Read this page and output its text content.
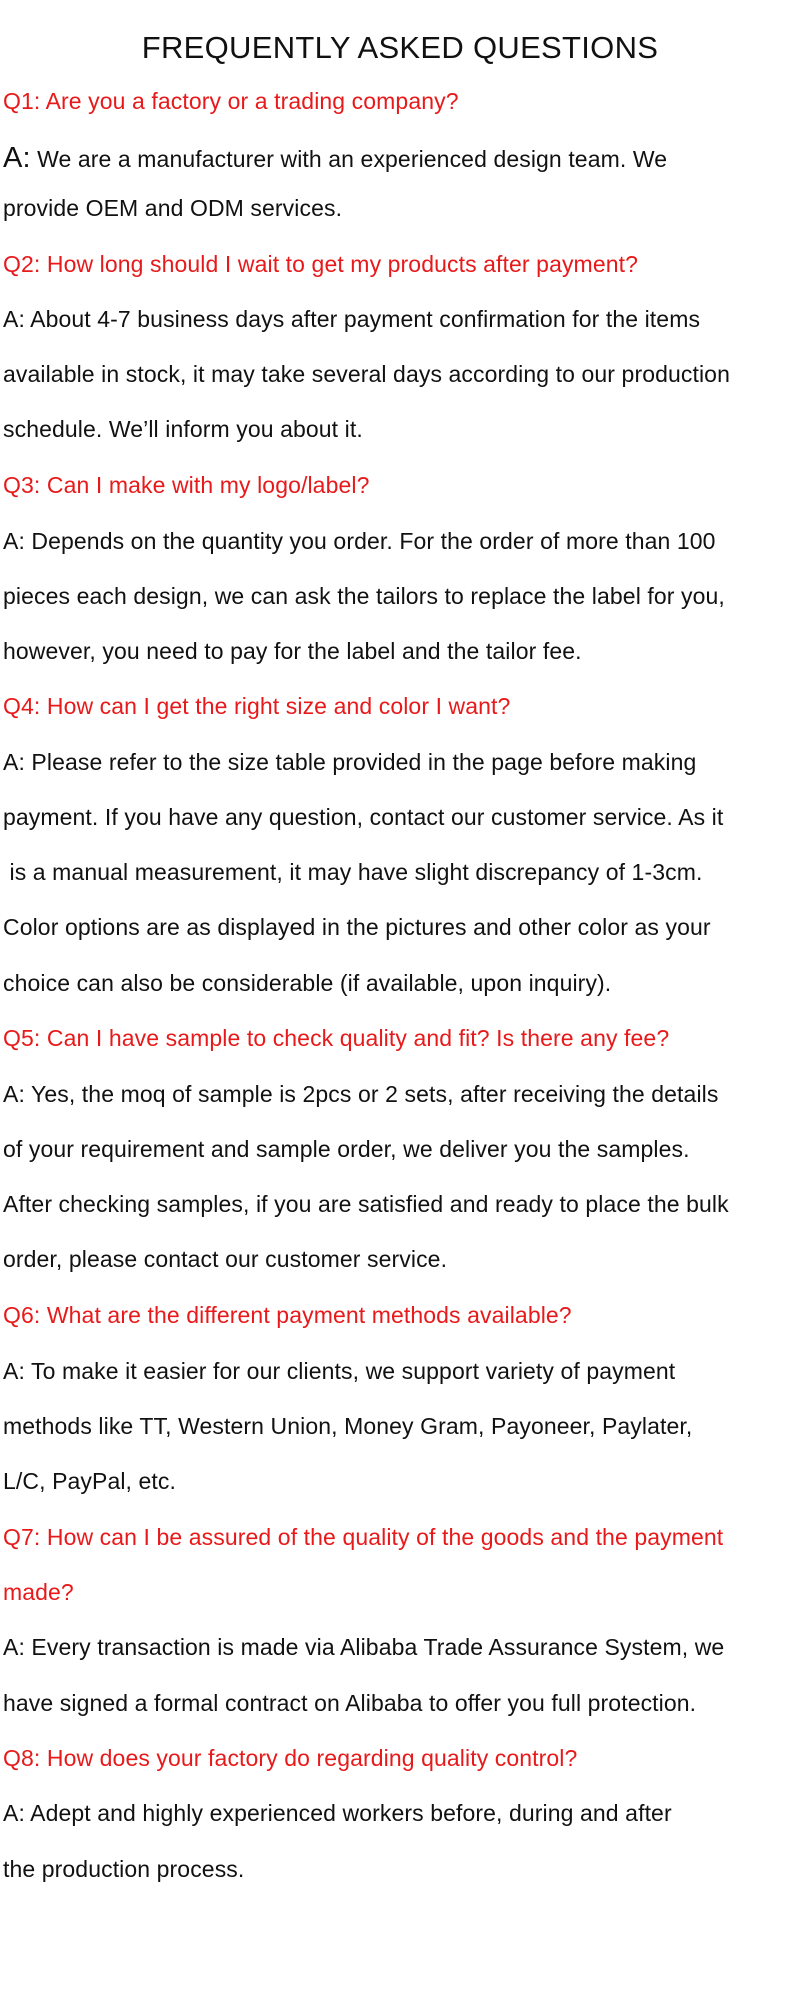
FREQUENTLY ASKED QUESTIONS
Q1: Are you a factory or a trading company?
A: We are a manufacturer with an experienced design team. We
provide OEM and ODM services.
Q2: How long should I wait to get my products after payment?
A: About 4-7 business days after payment confirmation for the items
available in stock, it may take several days according to our production
schedule. We’ll inform you about it.
Q3: Can I make with my logo/label?
A: Depends on the quantity you order. For the order of more than 100
pieces each design, we can ask the tailors to replace the label for you,
however, you need to pay for the label and the tailor fee.
Q4: How can I get the right size and color I want?
A: Please refer to the size table provided in the page before making
payment. If you have any question, contact our customer service. As it
is a manual measurement, it may have slight discrepancy of 1-3cm.
Color options are as displayed in the pictures and other color as your
choice can also be considerable (if available, upon inquiry).
Q5: Can I have sample to check quality and fit? Is there any fee?
A: Yes, the moq of sample is 2pcs or 2 sets, after receiving the details
of your requirement and sample order, we deliver you the samples.
After checking samples, if you are satisfied and ready to place the bulk
order, please contact our customer service.
Q6: What are the different payment methods available?
A: To make it easier for our clients, we support variety of payment
methods like TT, Western Union, Money Gram, Payoneer, Paylater,
L/C, PayPal, etc.
Q7: How can I be assured of the quality of the goods and the payment
made?
A: Every transaction is made via Alibaba Trade Assurance System, we
have signed a formal contract on Alibaba to offer you full protection.
Q8: How does your factory do regarding quality control?
A: Adept and highly experienced workers before, during and after
the production process.
